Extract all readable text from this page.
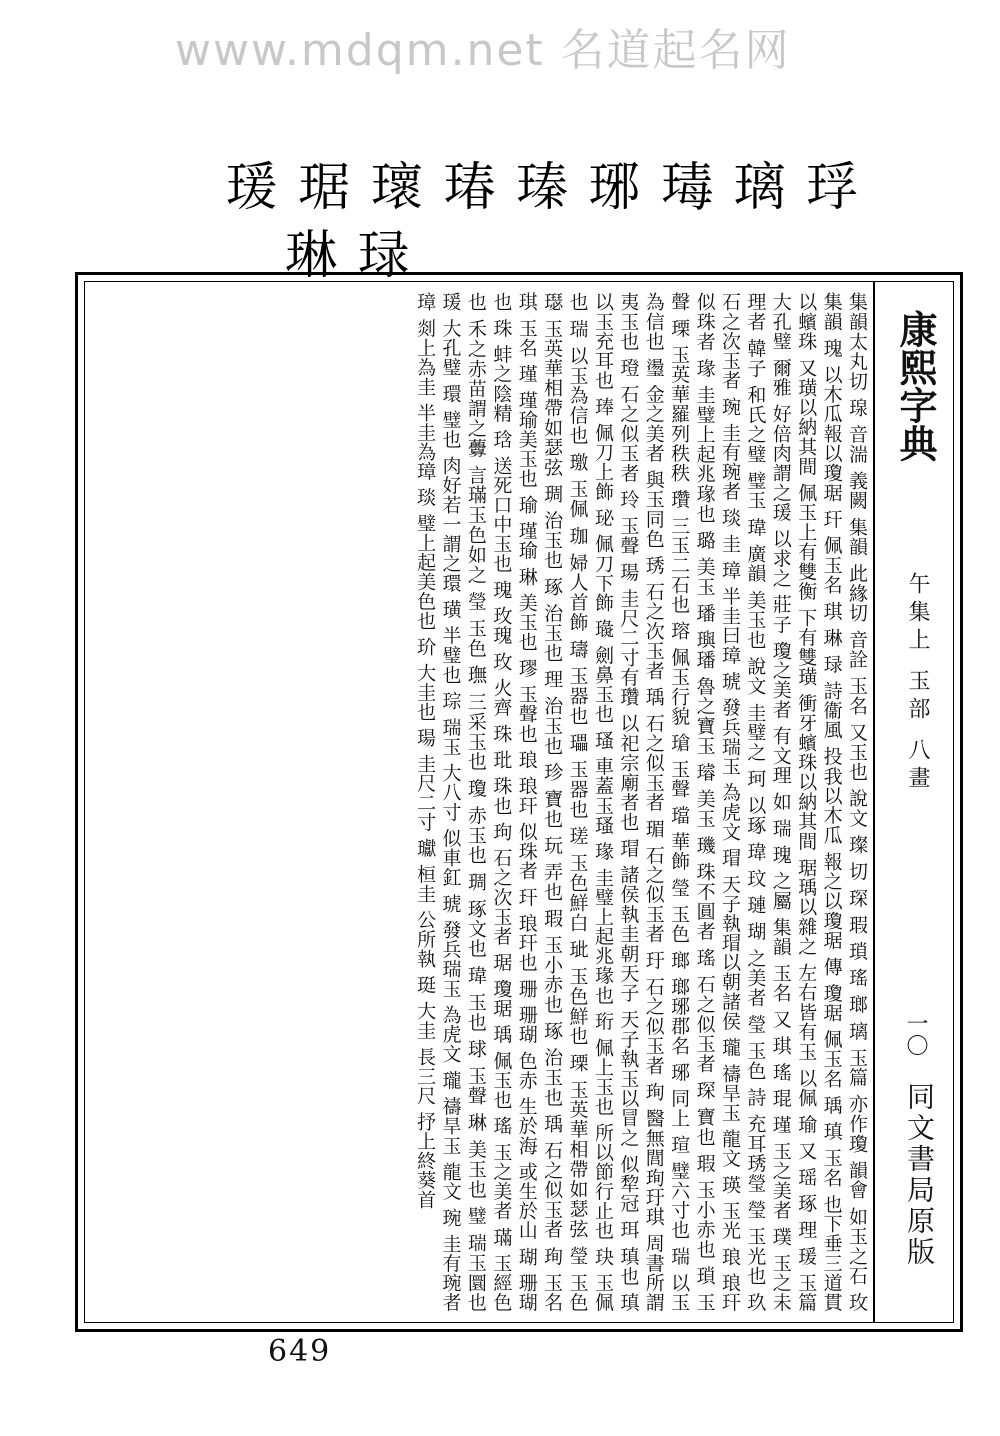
www.mdqm.net 名道起名网
瑗 琚 瓌 瑃 瑧 琊 瑇 璃 琈
琳 琭
康熙字典
午集上 玉部 八畫
一〇
同文書局原版
集韻太丸切 瑔 音湍 義闕 集韻 此緣切 音詮 玉名 又玉也 說文 璨 切 琛 瑕 瑣 瑤 瑯 璃 玉篇 亦作瓊 韻會 如玉之石 玫 集韻 瑰 以木瓜報以瓊琚 玕 佩玉名 琪 琳 琭 詩衞風 投我以木瓜 報之以瓊琚 傳 瓊琚 佩玉名 瑀 瑱 玉名 也下垂三道貫以蠙珠 又璜以納其間 佩玉上有雙衡 下有雙璜 衝牙蠙珠以納其間 琚瑀以雜之 左右皆有玉 以佩 瑜 又 瑶 琢 理 瑗 玉篇 大孔璧 爾雅 好倍肉謂之瑗 以求之 莊子 瓊之美者 有文理 如 瑞 瑰 之屬 集韻 玉名 又 琪 瑤 琨 瑾 玉之美者 璞 玉之未理者 韓子 和氏之璧 璧玉 瑋 廣韻 美玉也 說文 圭璧之 珂 以琢 瑋 玟 璉 瑚 之美者 瑩 玉色 詩 充耳琇瑩 瑩 玉光也 玖 石之次玉者 琬 圭有琬者 琰 圭 璋 半圭曰璋 琥 發兵瑞玉 為虎文 瑁 天子執瑁以朝諸侯 瓏 禱旱玉 龍文 瑛 玉光 琅 琅玕 似珠者 瑑 圭璧上起兆瑑也 璐 美玉 璠 璵璠 魯之寶玉 璿 美玉 璣 珠不圓者 瑤 石之似玉者 琛 寶也 瑕 玉小赤也 瑣 玉聲 瑮 玉英華羅列秩秩 瓚 三玉二石也 瑢 佩玉行貌 瑲 玉聲 璫 華飾 瑩 玉色 瑯 瑯琊郡名 琊 同上 瑄 璧六寸也 瑞 以玉為信也 璗 金之美者 與玉同色 琇 石之次玉者 瑀 石之似玉者 瑂 石之似玉者 玗 石之似玉者 珣 醫無閭珣玗琪 周書所謂夷玉也 璒 石之似玉者 玲 玉聲 瑒 圭尺二寸有瓚 以祀宗廟者也 瑁 諸侯執圭朝天子 天子執玉以冒之 似犂冠 珥 瑱也 瑱 以玉充耳也 琫 佩刀上飾 珌 佩刀下飾 璏 劍鼻玉也 瑵 車蓋玉瑵 瑑 圭璧上起兆瑑也 珩 佩上玉也 所以節行止也 玦 玉佩也 瑞 以玉為信也 璬 玉佩 珈 婦人首飾 璹 玉器也 瓃 玉器也 瑳 玉色鮮白 玼 玉色鮮也 瑮 玉英華相帶如瑟弦 瑩 玉色 璱 玉英華相帶如瑟弦 琱 治玉也 琢 治玉也 理 治玉也 珍 寶也 玩 弄也 瑕 玉小赤也 琢 治玉也 瑀 石之似玉者 珣 玉名 琪 玉名 瑾 瑾瑜美玉也 瑜 瑾瑜 琳 美玉也 璆 玉聲也 琅 琅玕 似珠者 玕 琅玕也 珊 珊瑚 色赤 生於海 或生於山 瑚 珊瑚也 珠 蚌之陰精 琀 送死口中玉也 瑰 玫瑰 玫 火齊 珠 玭 珠也 玽 石之次玉者 琚 瓊琚 瑀 佩玉也 瑤 玉之美者 璊 玉經色也 禾之赤苗謂之虋 言璊玉色如之 瑩 玉色 璑 三采玉也 瓊 赤玉也 琱 琢文也 瑋 玉也 球 玉聲 琳 美玉也 璧 瑞玉圜也 瑗 大孔璧 環 璧也 肉好若一謂之環 璜 半璧也 琮 瑞玉 大八寸 似車釭 琥 發兵瑞玉 為虎文 瓏 禱旱玉 龍文 琬 圭有琬者 璋 剡上為圭 半圭為璋 琰 璧上起美色也 玠 大圭也 瑒 圭尺二寸 瓛 桓圭 公所執 珽 大圭 長三尺 抒上終葵首
649
